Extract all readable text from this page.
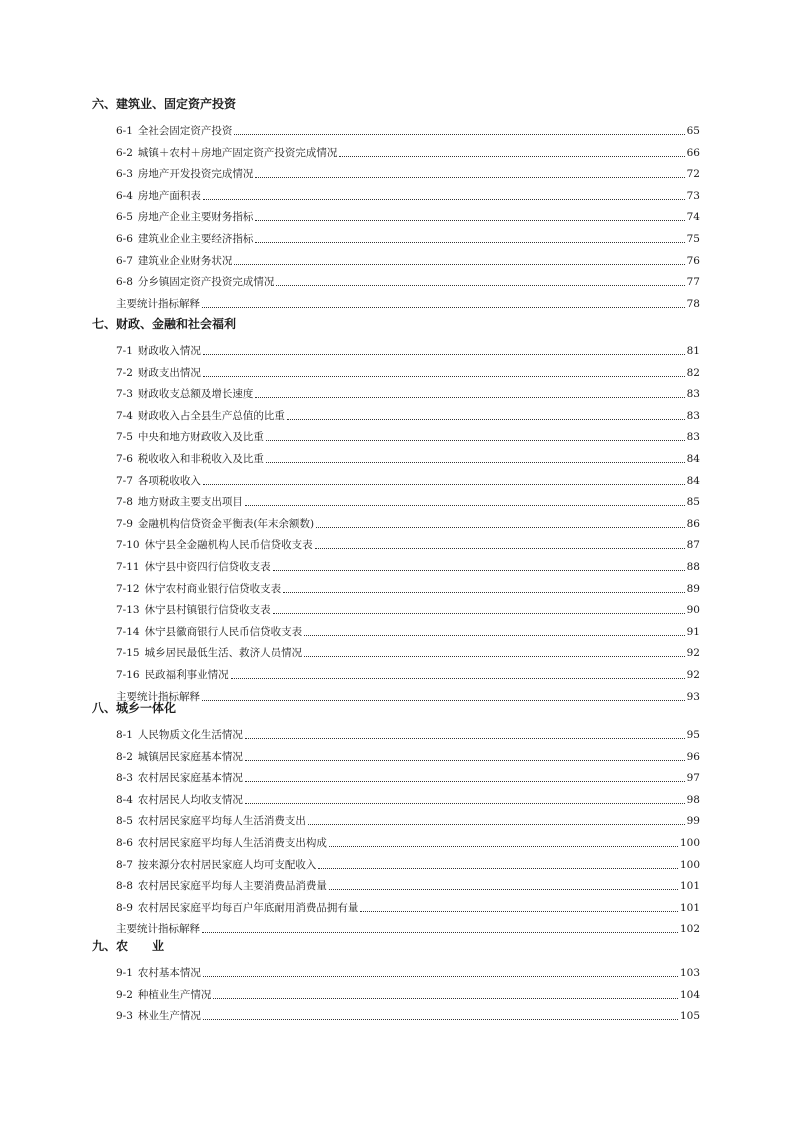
六、建筑业、固定资产投资
6-1 全社会固定资产投资	65
6-2 城镇＋农村＋房地产固定资产投资完成情况	66
6-3 房地产开发投资完成情况	72
6-4 房地产面积表	73
6-5 房地产企业主要财务指标	74
6-6 建筑业企业主要经济指标	75
6-7 建筑业企业财务状况	76
6-8 分乡镇固定资产投资完成情况	77
主要统计指标解释	78
七、财政、金融和社会福利
7-1 财政收入情况	81
7-2 财政支出情况	82
7-3 财政收支总额及增长速度	83
7-4 财政收入占全县生产总值的比重	83
7-5 中央和地方财政收入及比重	83
7-6 税收收入和非税收入及比重	84
7-7 各项税收收入	84
7-8 地方财政主要支出项目	85
7-9 金融机构信贷资金平衡表(年末余额数)	86
7-10 休宁县全金融机构人民币信贷收支表	87
7-11 休宁县中资四行信贷收支表	88
7-12 休宁农村商业银行信贷收支表	89
7-13 休宁县村镇银行信贷收支表	90
7-14 休宁县徽商银行人民币信贷收支表	91
7-15 城乡居民最低生活、救济人员情况	92
7-16 民政福利事业情况	92
主要统计指标解释	93
八、城乡一体化
8-1 人民物质文化生活情况	95
8-2 城镇居民家庭基本情况	96
8-3 农村居民家庭基本情况	97
8-4 农村居民人均收支情况	98
8-5 农村居民家庭平均每人生活消费支出	99
8-6 农村居民家庭平均每人生活消费支出构成	100
8-7 按来源分农村居民家庭人均可支配收入	100
8-8 农村居民家庭平均每人主要消费品消费量	101
8-9 农村居民家庭平均每百户年底耐用消费品拥有量	101
主要统计指标解释	102
九、农　　业
9-1 农村基本情况	103
9-2 种植业生产情况	104
9-3 林业生产情况	105
